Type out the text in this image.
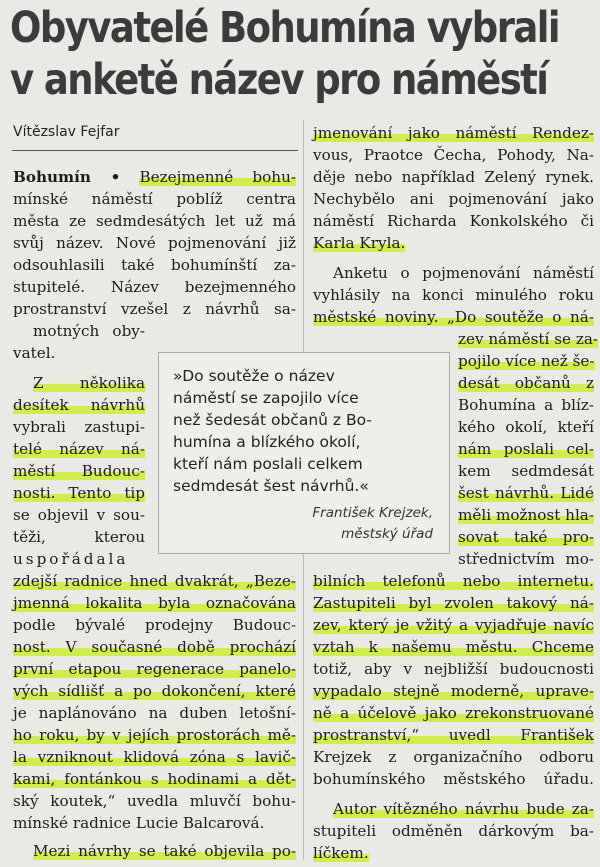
Obyvatelé Bohumína vybrali
v anketě název pro náměstí
Vítězslav Fejfar
Bohumín • Bezejmenné bohu-
mínské náměstí poblíž centra
města ze sedmdesátých let už má
svůj název. Nové pojmenování již
odsouhlasili také bohumínští za-
stupitelé. Název bezejmenného
prostranství vzešel z návrhů sa-
motných oby-
vatel.
Z několika
desítek návrhů
vybrali zastupi-
telé název ná-
městí Budouc-
nosti. Tento tip
se objevil v sou-
těži, kterou
uspořádala
zdejší radnice hned dvakrát, „Beze-
jmenná lokalita byla označována
podle bývalé prodejny Budouc-
nost. V současné době prochází
první etapou regenerace panelo-
vých sídlišť a po dokončení, které
je naplánováno na duben letošní-
ho roku, by v jejích prostorách mě-
la vzniknout klidová zóna s lavič-
kami, fontánkou s hodinami a dět-
ský koutek,“ uvedla mluvčí bohu-
mínské radnice Lucie Balcarová.
Mezi návrhy se také objevila po-
»Do soutěže o název
náměstí se zapojilo více
než šedesát občanů z Bo-
humína a blízkého okolí,
kteří nám poslali celkem
sedmdesát šest návrhů.«
František Krejzek,
městský úřad
jmenování jako náměstí Rendez-
vous, Praotce Čecha, Pohody, Na-
děje nebo například Zelený rynek.
Nechybělo ani pojmenování jako
náměstí Richarda Konkolského či
Karla Kryla.
Anketu o pojmenování náměstí
vyhlásily na konci minulého roku
městské noviny. „Do soutěže o ná-
zev náměstí se za-
pojilo více než še-
desát občanů z
Bohumína a blíz-
kého okolí, kteří
nám poslali cel-
kem sedmdesát
šest návrhů. Lidé
měli možnost hla-
sovat také pro-
střednictvím mo-
bilních telefonů nebo internetu.
Zastupiteli byl zvolen takový ná-
zev, který je vžitý a vyjadřuje navíc
vztah k našemu městu. Chceme
totiž, aby v nejbližší budoucnosti
vypadalo stejně moderně, uprave-
ně a účelově jako zrekonstruované
prostranství,“ uvedl František
Krejzek z organizačního odboru
bohumínského městského úřadu.
Autor vítězného návrhu bude za-
stupiteli odměněn dárkovým ba-
líčkem.
